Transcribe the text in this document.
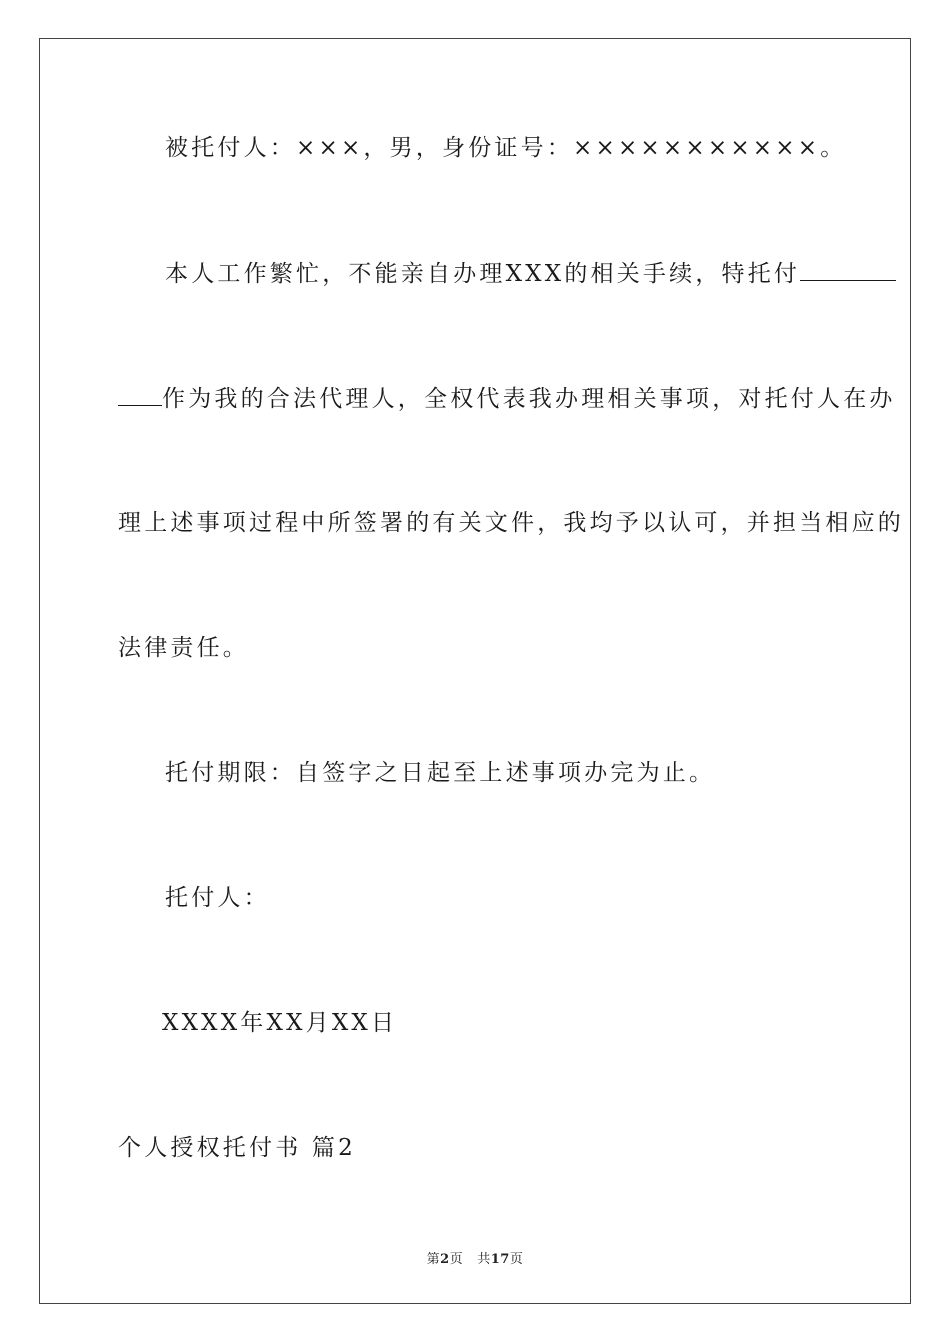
被托付人：×××，男，身份证号：×××××××××××。
本人工作繁忙，不能亲自办理XXX的相关手续，特托付
作为我的合法代理人，全权代表我办理相关事项，对托付人在办
理上述事项过程中所签署的有关文件，我均予以认可，并担当相应的
法律责任。
托付期限：自签字之日起至上述事项办完为止。
托付人：
XXXX年XX月XX日
个人授权托付书 篇2
第2页 共17页
